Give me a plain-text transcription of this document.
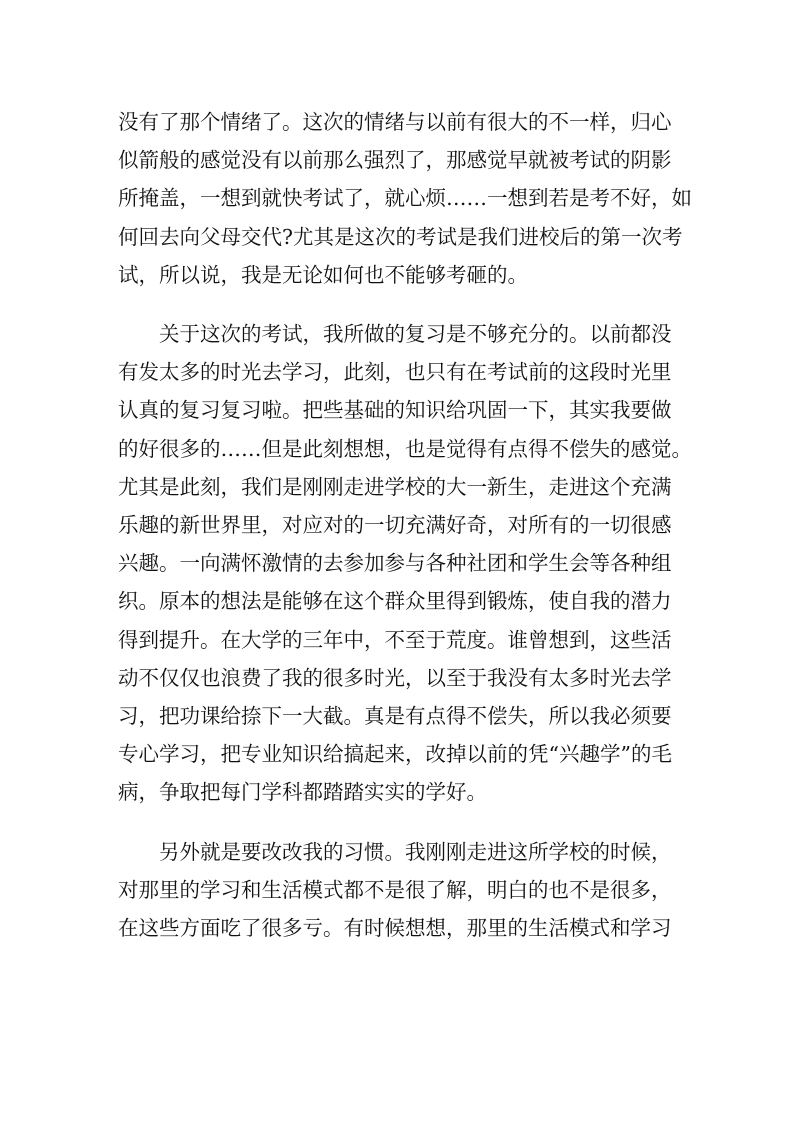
没有了那个情绪了。这次的情绪与以前有很大的不一样，归心
似箭般的感觉没有以前那么强烈了，那感觉早就被考试的阴影
所掩盖，一想到就快考试了，就心烦……一想到若是考不好，如
何回去向父母交代?尤其是这次的考试是我们进校后的第一次考
试，所以说，我是无论如何也不能够考砸的。

关于这次的考试，我所做的复习是不够充分的。以前都没
有发太多的时光去学习，此刻，也只有在考试前的这段时光里
认真的复习复习啦。把些基础的知识给巩固一下，其实我要做
的好很多的……但是此刻想想，也是觉得有点得不偿失的感觉。
尤其是此刻，我们是刚刚走进学校的大一新生，走进这个充满
乐趣的新世界里，对应对的一切充满好奇，对所有的一切很感
兴趣。一向满怀激情的去参加参与各种社团和学生会等各种组
织。原本的想法是能够在这个群众里得到锻炼，使自我的潜力
得到提升。在大学的三年中，不至于荒度。谁曾想到，这些活
动不仅仅也浪费了我的很多时光，以至于我没有太多时光去学
习，把功课给捺下一大截。真是有点得不偿失，所以我必须要
专心学习，把专业知识给搞起来，改掉以前的凭“兴趣学”的毛
病，争取把每门学科都踏踏实实的学好。

另外就是要改改我的习惯。我刚刚走进这所学校的时候，
对那里的学习和生活模式都不是很了解，明白的也不是很多，
在这些方面吃了很多亏。有时候想想，那里的生活模式和学习
